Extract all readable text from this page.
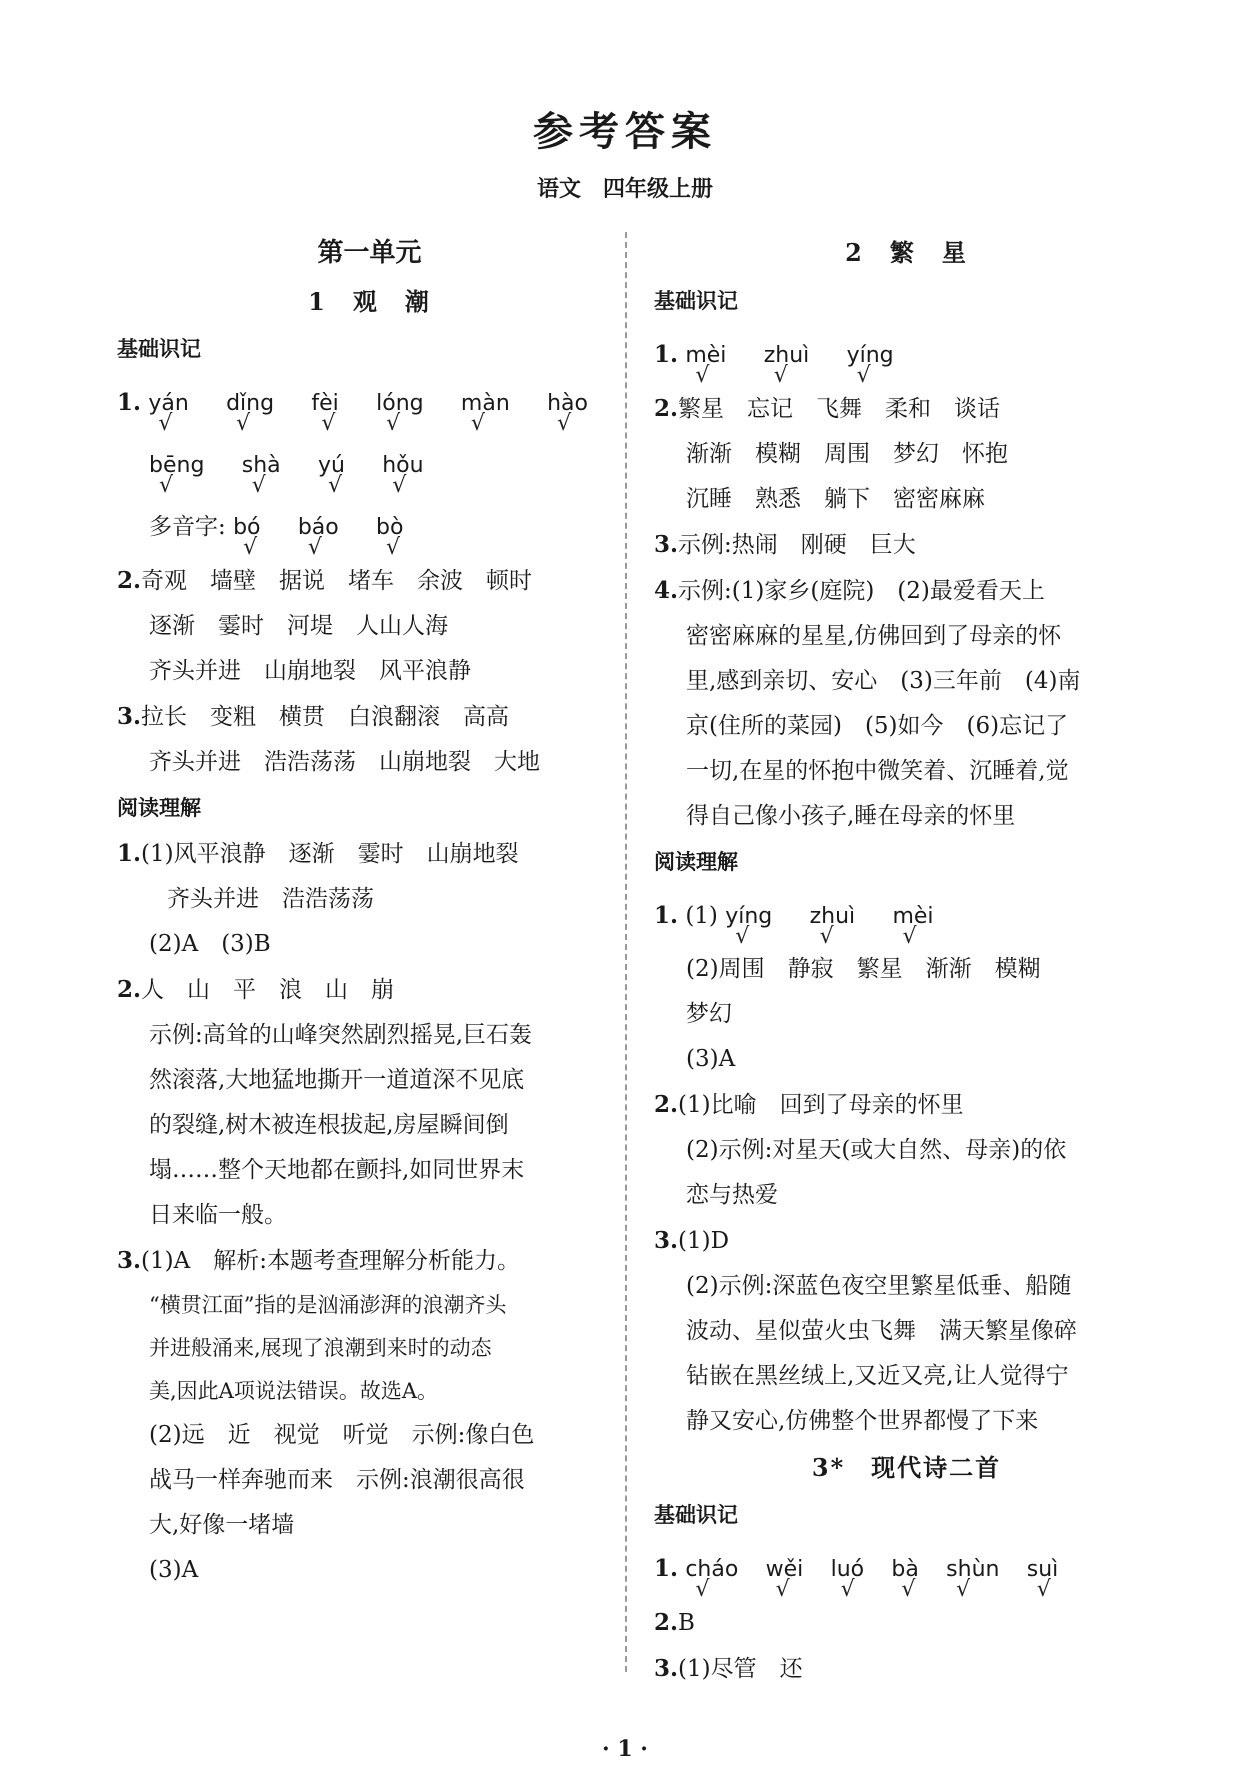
参考答案
语文　四年级上册
第一单元
1　观　潮
基础识记
1. yán √ dǐng √ fèi √ lóng √ màn √ hào √
bēng √ shà √ yú √ hǒu √
多音字: bó √ báo √ bò √
2.奇观　墙壁　据说　堵车　余波　顿时
逐渐　霎时　河堤　人山人海
齐头并进　山崩地裂　风平浪静
3.拉长　变粗　横贯　白浪翻滚　高高
齐头并进　浩浩荡荡　山崩地裂　大地
阅读理解
1.(1)风平浪静　逐渐　霎时　山崩地裂
齐头并进　浩浩荡荡
(2)A　(3)B
2.人　山　平　浪　山　崩
示例:高耸的山峰突然剧烈摇晃,巨石轰
然滚落,大地猛地撕开一道道深不见底
的裂缝,树木被连根拔起,房屋瞬间倒
塌……整个天地都在颤抖,如同世界末
日来临一般。
3.(1)A　解析:本题考查理解分析能力。
“横贯江面”指的是汹涌澎湃的浪潮齐头
并进般涌来,展现了浪潮到来时的动态
美,因此A项说法错误。故选A。
(2)远　近　视觉　听觉　示例:像白色
战马一样奔驰而来　示例:浪潮很高很
大,好像一堵墙
(3)A
2　繁　星
基础识记
1. mèi √ zhuì √ yíng √
2.繁星　忘记　飞舞　柔和　谈话
渐渐　模糊　周围　梦幻　怀抱
沉睡　熟悉　躺下　密密麻麻
3.示例:热闹　刚硬　巨大
4.示例:(1)家乡(庭院)　(2)最爱看天上
密密麻麻的星星,仿佛回到了母亲的怀
里,感到亲切、安心　(3)三年前　(4)南
京(住所的菜园)　(5)如今　(6)忘记了
一切,在星的怀抱中微笑着、沉睡着,觉
得自己像小孩子,睡在母亲的怀里
阅读理解
1. (1) yíng √ zhuì √ mèi √
(2)周围　静寂　繁星　渐渐　模糊
梦幻
(3)A
2.(1)比喻　回到了母亲的怀里
(2)示例:对星天(或大自然、母亲)的依
恋与热爱
3.(1)D
(2)示例:深蓝色夜空里繁星低垂、船随
波动、星似萤火虫飞舞　满天繁星像碎
钻嵌在黑丝绒上,又近又亮,让人觉得宁
静又安心,仿佛整个世界都慢了下来
3*　现代诗二首
基础识记
1. cháo √ wěi √ luó √ bà √ shùn √ suì √
2.B
3.(1)尽管　还
· 1 ·
